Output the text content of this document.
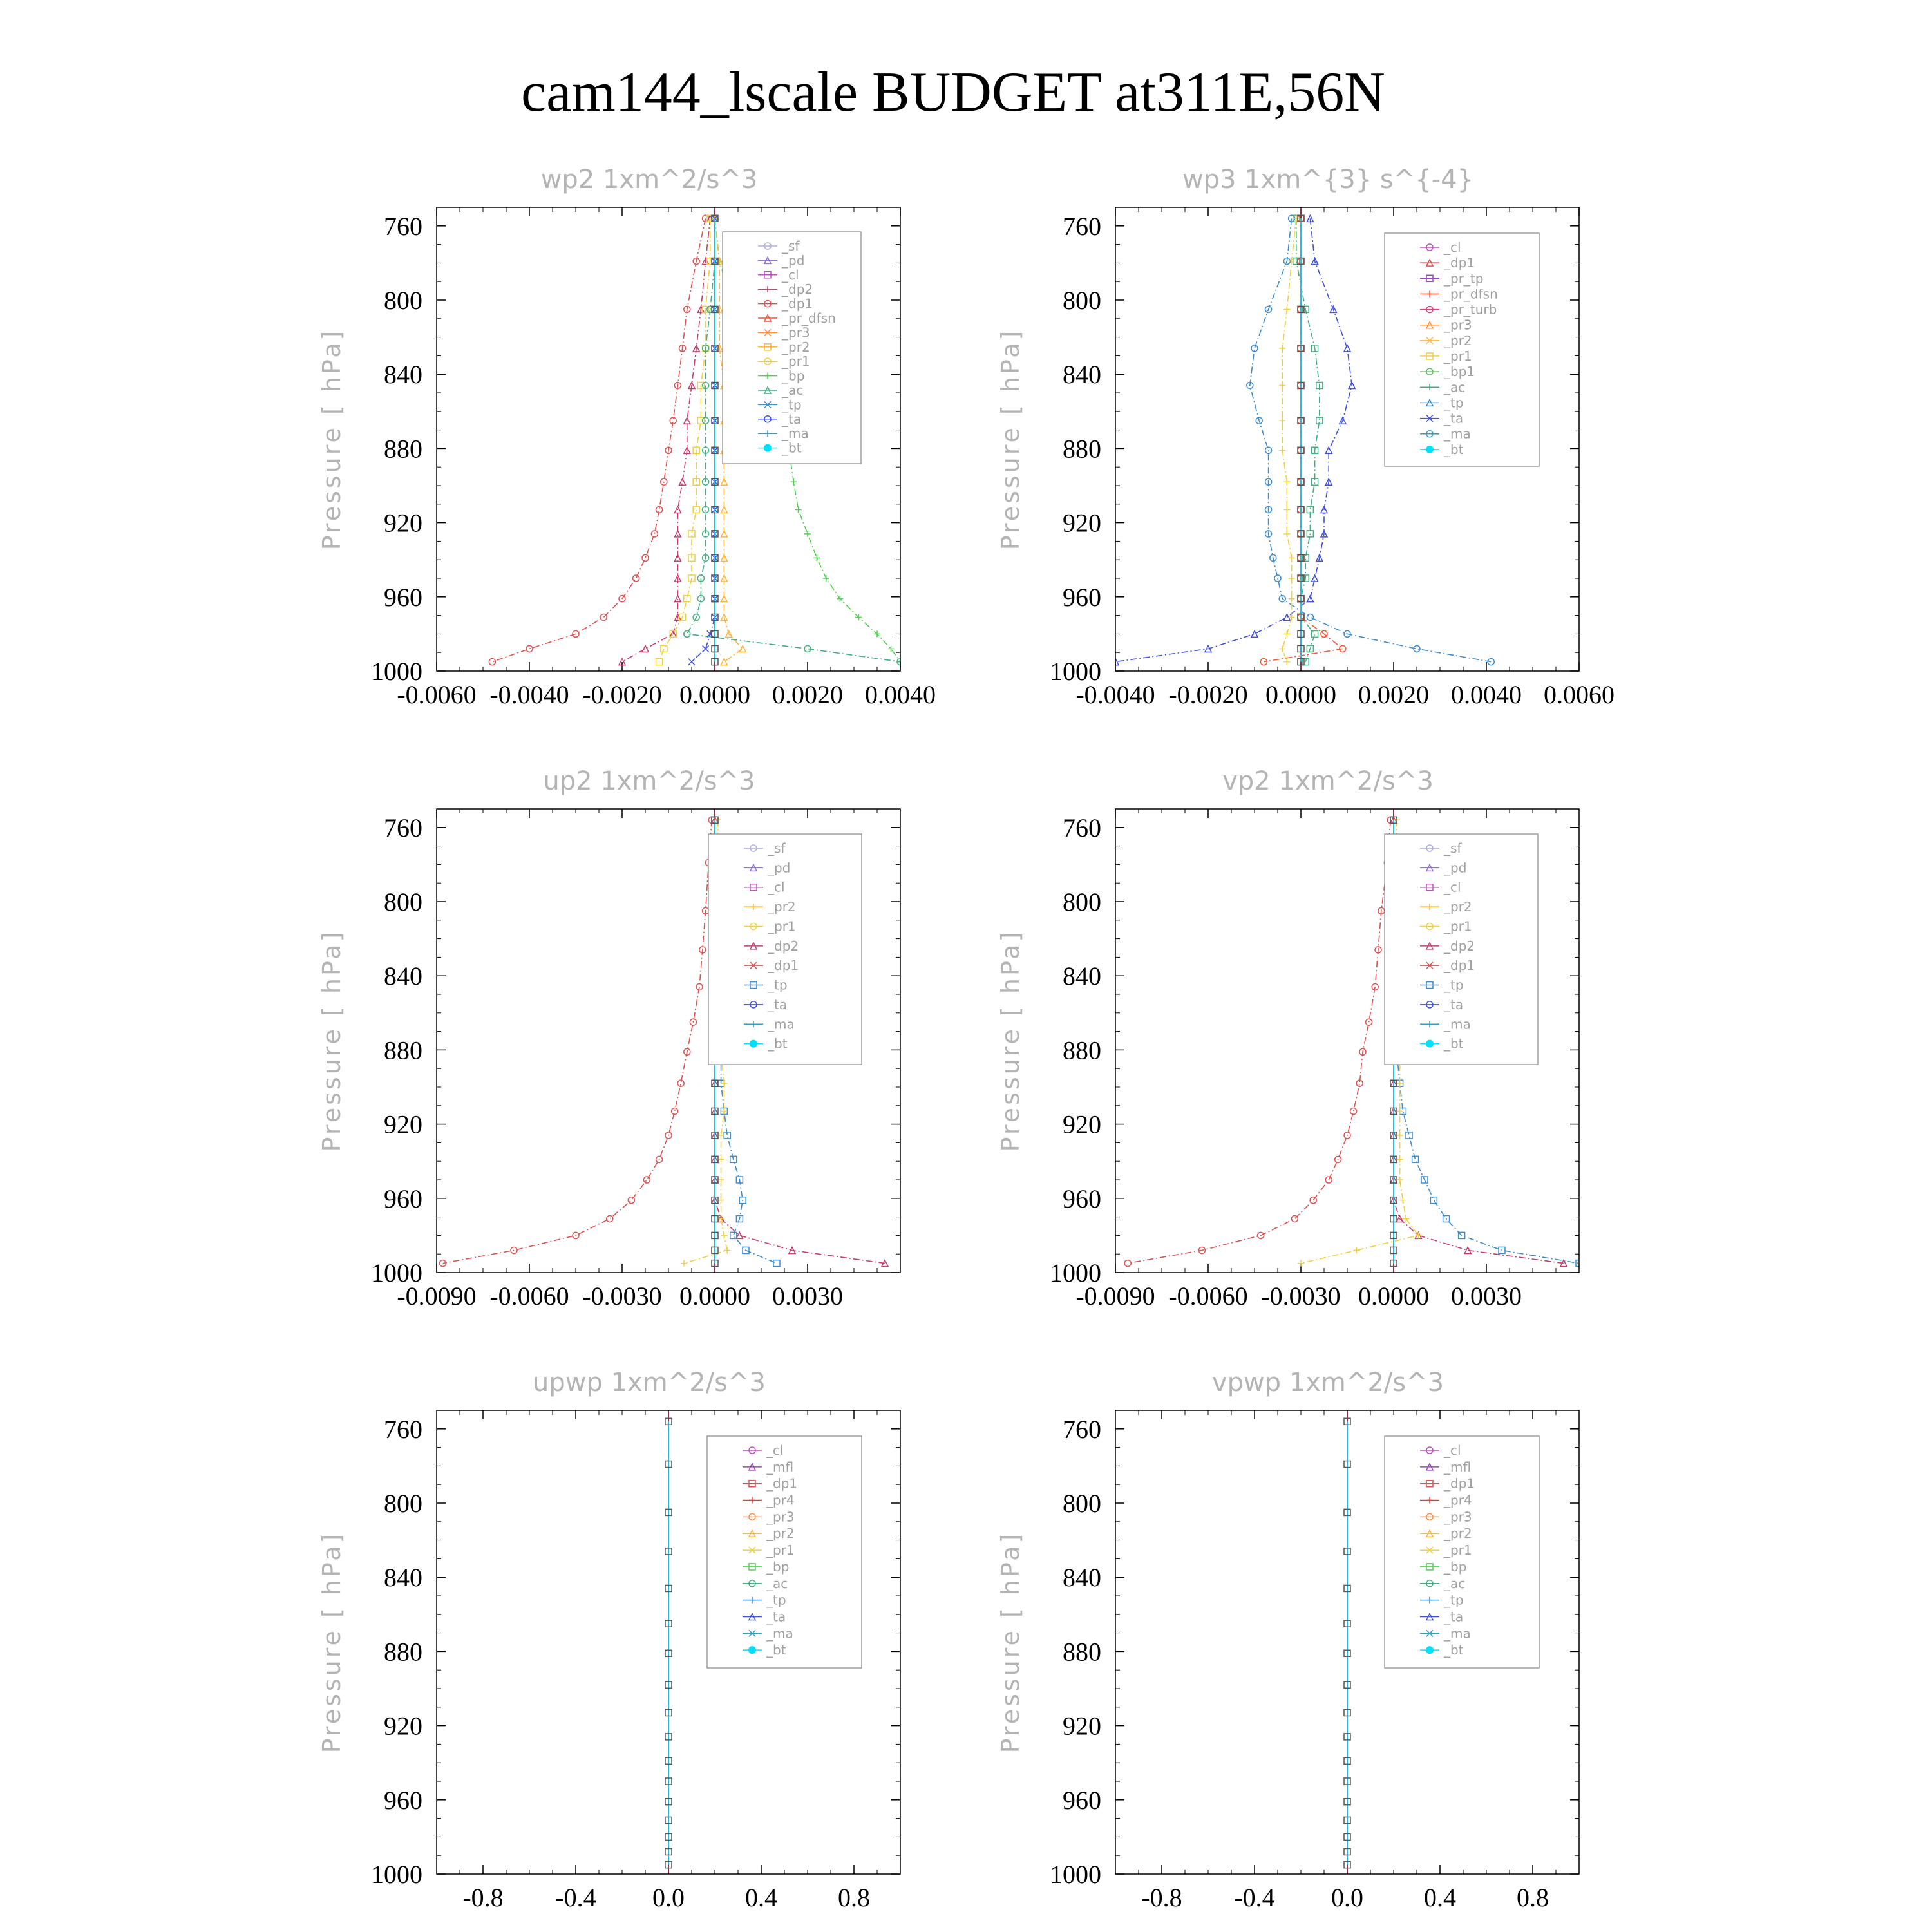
cam144_lscale BUDGET at311E,56N
wp2 1xm^2/s^3
Pressure [ hPa]
-0.0060 -0.0040 -0.0020 0.0000 0.0020 0.0040
760
800
840
880
920
960
1000
_sf
_pd
_cl
_dp2
_dp1
_pr_dfsn
_pr3
_pr2
_pr1
_bp
_ac
_tp
_ta
_ma
_bt
wp3 1xm^{3} s^{-4}
Pressure [ hPa]
-0.0040 -0.0020 0.0000 0.0020 0.0040 0.0060
760
800
840
880
920
960
1000
_cl
_dp1
_pr_tp
_pr_dfsn
_pr_turb
_pr3
_pr2
_pr1
_bp1
_ac
_tp
_ta
_ma
_bt
up2 1xm^2/s^3
Pressure [ hPa]
-0.0090 -0.0060 -0.0030 0.0000 0.0030
760
800
840
880
920
960
1000
_sf
_pd
_cl
_pr2
_pr1
_dp2
_dp1
_tp
_ta
_ma
_bt
vp2 1xm^2/s^3
Pressure [ hPa]
-0.0090 -0.0060 -0.0030 0.0000 0.0030
760
800
840
880
920
960
1000
_sf
_pd
_cl
_pr2
_pr1
_dp2
_dp1
_tp
_ta
_ma
_bt
upwp 1xm^2/s^3
Pressure [ hPa]
-0.8 -0.4 0.0 0.4 0.8
760
800
840
880
920
960
1000
_cl
_mfl
_dp1
_pr4
_pr3
_pr2
_pr1
_bp
_ac
_tp
_ta
_ma
_bt
vpwp 1xm^2/s^3
Pressure [ hPa]
-0.8 -0.4 0.0 0.4 0.8
760
800
840
880
920
960
1000
_cl
_mfl
_dp1
_pr4
_pr3
_pr2
_pr1
_bp
_ac
_tp
_ta
_ma
_bt
